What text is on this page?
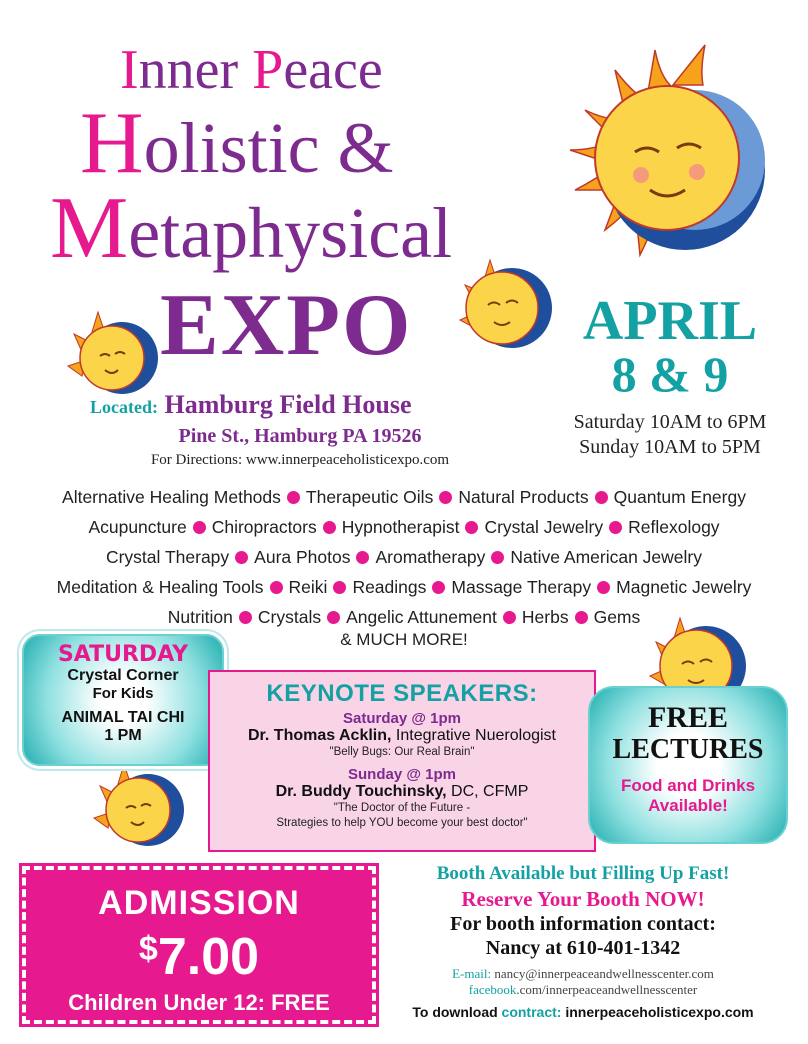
Inner Peace
Holistic &
Metaphysical
EXPO	APRIL
8 & 9
Saturday 10AM to 6PM
Sunday 10AM to 5PM
Located: Hamburg Field House
Pine St., Hamburg PA 19526
For Directions: www.innerpeaceholisticexpo.com
Alternative Healing Methods Therapeutic Oils Natural Products Quantum Energy
Acupuncture Chiropractors Hypnotherapist Crystal Jewelry Reflexology
Crystal Therapy Aura Photos Aromatherapy Native American Jewelry
Meditation & Healing Tools Reiki Readings Massage Therapy Magnetic Jewelry
Nutrition Crystals Angelic Attunement Herbs Gems
& MUCH MORE!
SATURDAY
Crystal Corner
For Kids
ANIMAL TAI CHI
1 PM
KEYNOTE SPEAKERS:
Saturday @ 1pm
Dr. Thomas Acklin, Integrative Nuerologist
"Belly Bugs: Our Real Brain"
Sunday @ 1pm
Dr. Buddy Touchinsky, DC, CFMP
"The Doctor of the Future -
Strategies to help YOU become your best doctor"
FREE
LECTURES
Food and Drinks
Available!
ADMISSION
$7.00
Children Under 12: FREE
Booth Available but Filling Up Fast!
Reserve Your Booth NOW!
For booth information contact:
Nancy at 610-401-1342
E-mail: nancy@innerpeaceandwellnesscenter.com
facebook.com/innerpeaceandwellnesscenter
To download contract: innerpeaceholisticexpo.com
